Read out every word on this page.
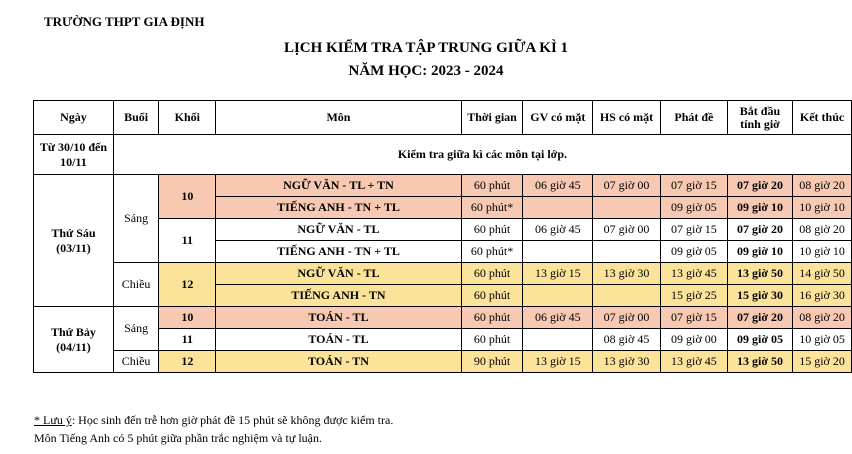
TRƯỜNG THPT GIA ĐỊNH
LỊCH KIỂM TRA TẬP TRUNG GIỮA KÌ 1
NĂM HỌC: 2023 - 2024
Ngày	Buổi	Khối	Môn	Thời gian	GV có mặt	HS có mặt	Phát đề	Bắt đầu
tính giờ	Kết thúc
Từ 30/10 đến
10/11	Kiểm tra giữa kì các môn tại lớp.								
Thứ Sáu
(03/11)	Sáng	10	NGỮ VĂN - TL + TN	60 phút	06 giờ 45	07 giờ 00	07 giờ 15	07 giờ 20	08 giờ 20
			TIẾNG ANH - TN + TL	60 phút*			09 giờ 05	09 giờ 10	10 giờ 10
		11	NGỮ VĂN - TL	60 phút	06 giờ 45	07 giờ 00	07 giờ 15	07 giờ 20	08 giờ 20
			TIẾNG ANH - TN + TL	60 phút*			09 giờ 05	09 giờ 10	10 giờ 10
	Chiều	12	NGỮ VĂN - TL	60 phút	13 giờ 15	13 giờ 30	13 giờ 45	13 giờ 50	14 giờ 50
			TIẾNG ANH - TN	60 phút			15 giờ 25	15 giờ 30	16 giờ 30
Thứ Bảy
(04/11)	Sáng	10	TOÁN - TL	60 phút	06 giờ 45	07 giờ 00	07 giờ 15	07 giờ 20	08 giờ 20
		11	TOÁN - TL	60 phút		08 giờ 45	09 giờ 00	09 giờ 05	10 giờ 05
	Chiều	12	TOÁN - TN	90 phút	13 giờ 15	13 giờ 30	13 giờ 45	13 giờ 50	15 giờ 20
* Lưu ý: Học sinh đến trễ hơn giờ phát đề 15 phút sẽ không được kiểm tra.
Môn Tiếng Anh có 5 phút giữa phần trắc nghiệm và tự luận.
